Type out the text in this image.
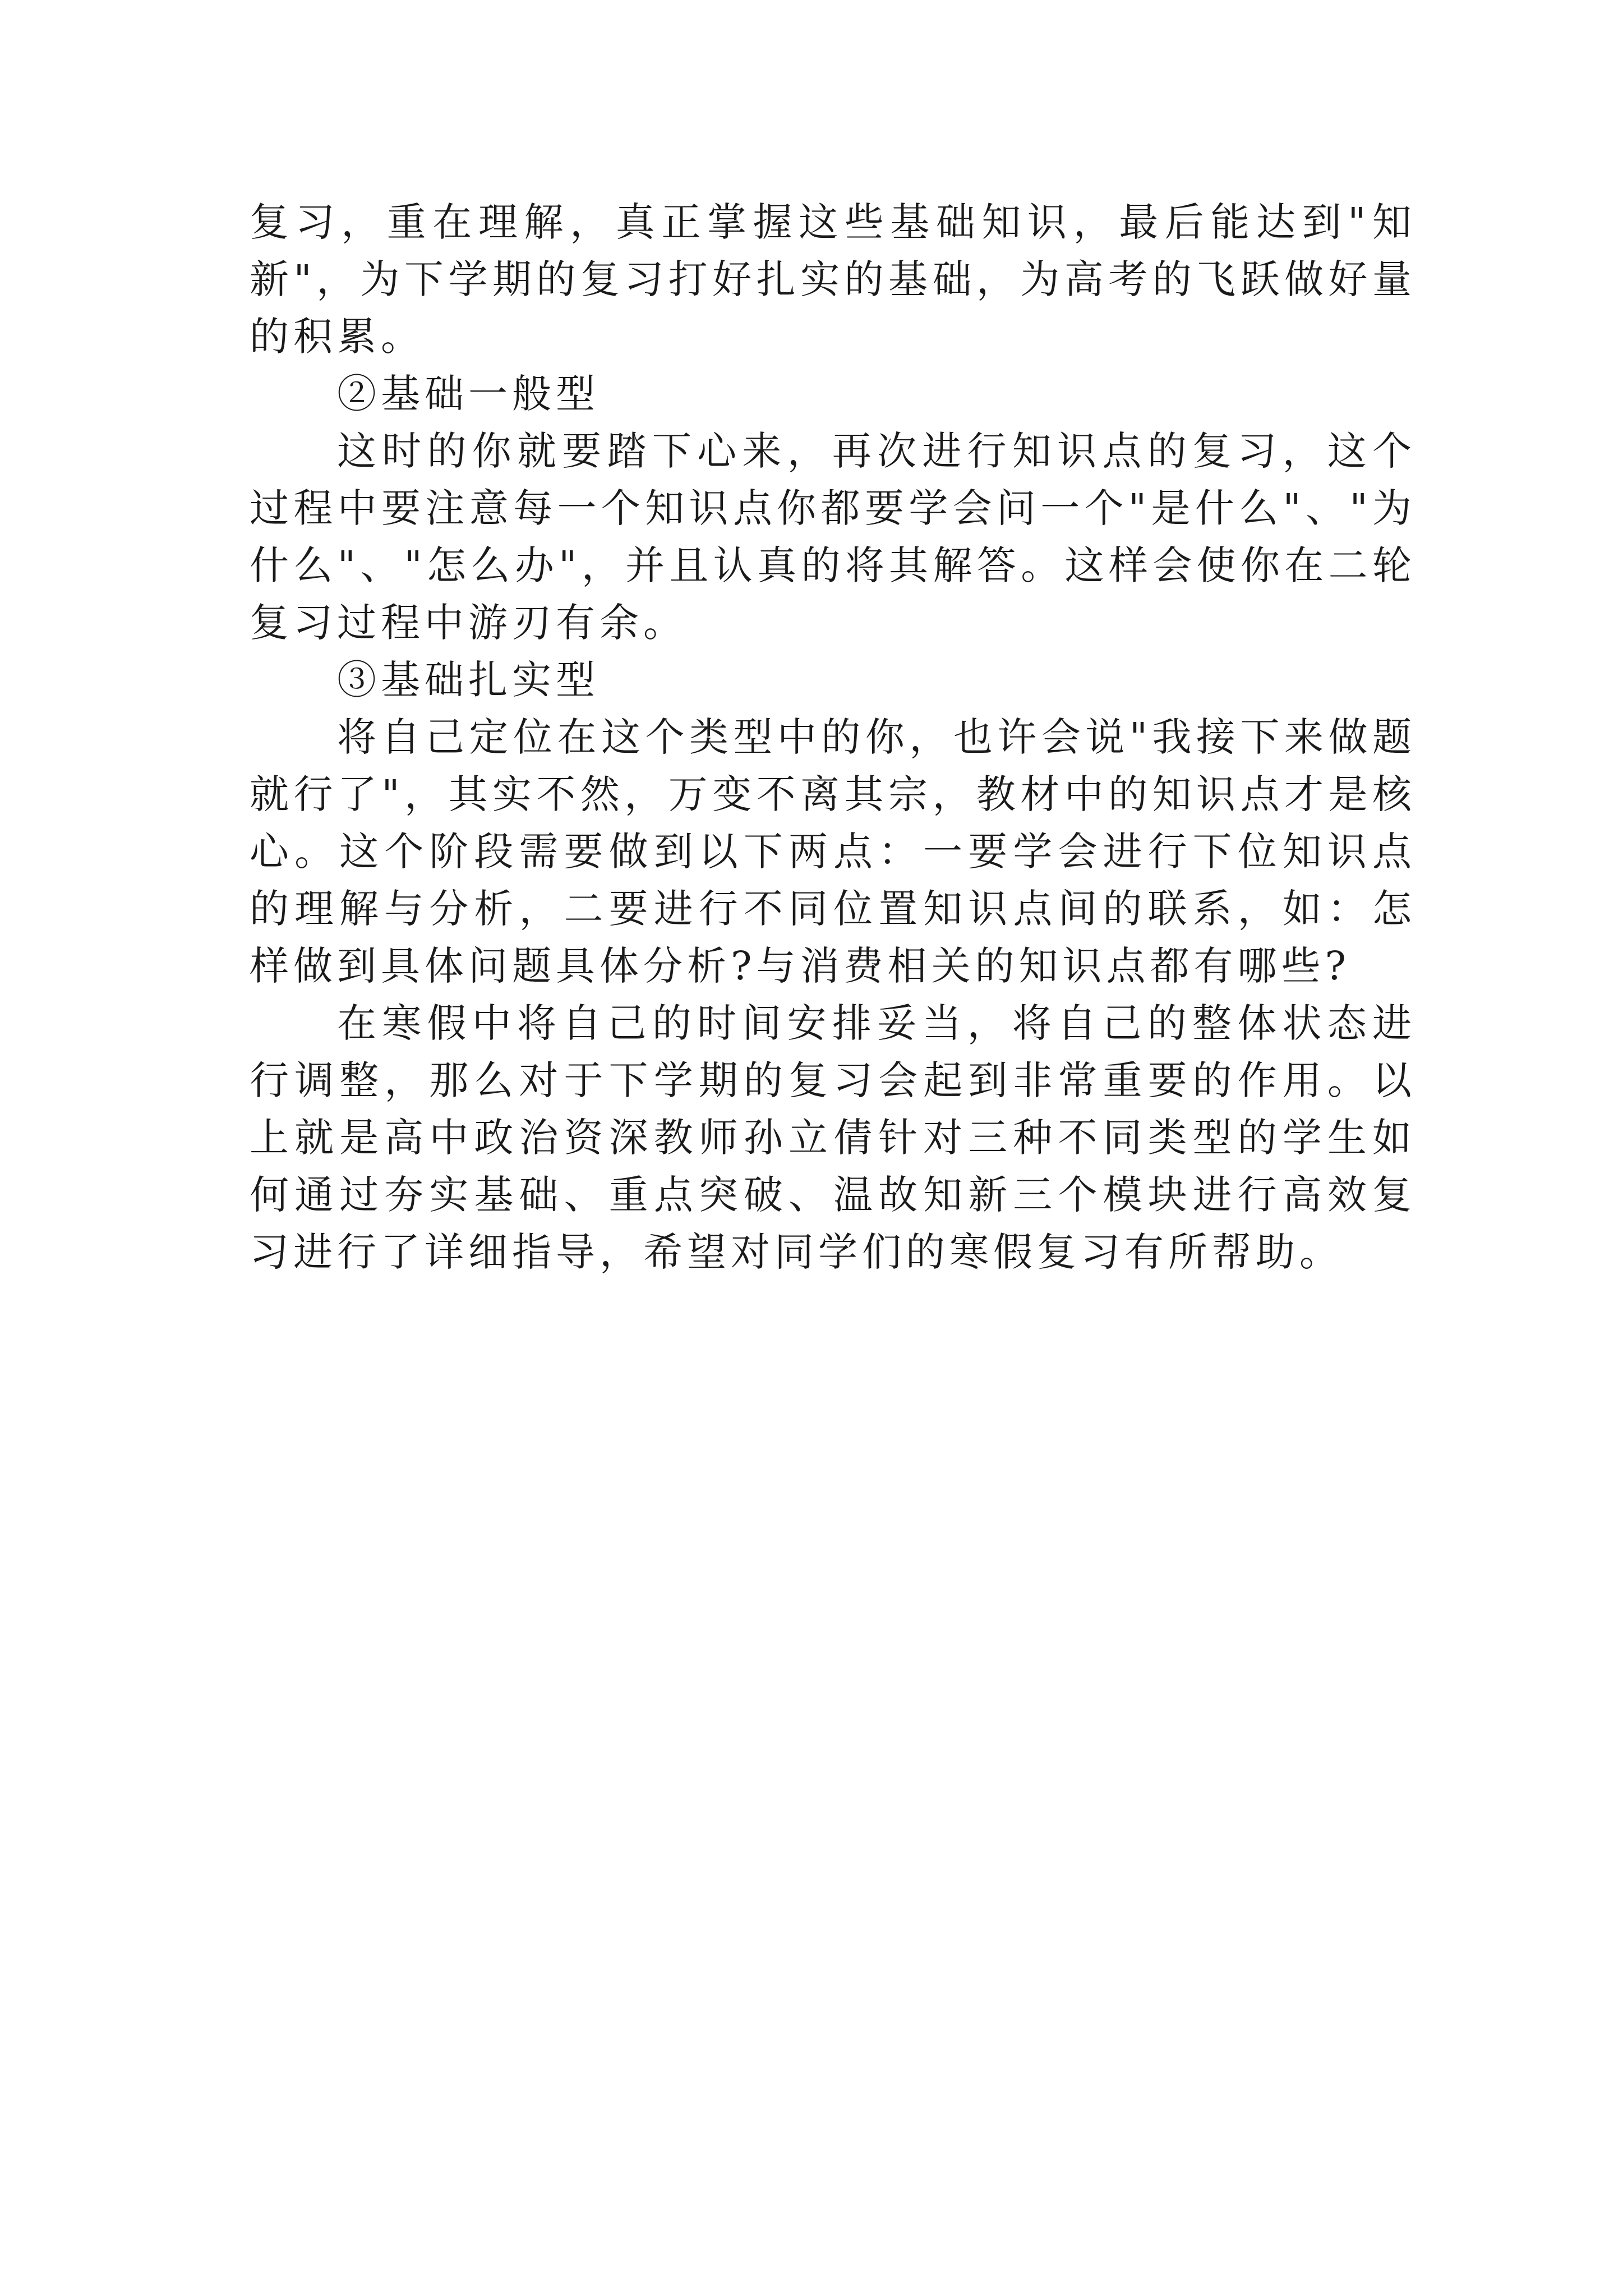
复习，重在理解，真正掌握这些基础知识，最后能达到"知新"，为下学期的复习打好扎实的基础，为高考的飞跃做好量的积累。

②基础一般型

这时的你就要踏下心来，再次进行知识点的复习，这个过程中要注意每一个知识点你都要学会问一个"是什么"、"为什么"、"怎么办"，并且认真的将其解答。这样会使你在二轮复习过程中游刃有余。

③基础扎实型

将自己定位在这个类型中的你，也许会说"我接下来做题就行了"，其实不然，万变不离其宗，教材中的知识点才是核心。这个阶段需要做到以下两点：一要学会进行下位知识点的理解与分析，二要进行不同位置知识点间的联系，如：怎样做到具体问题具体分析?与消费相关的知识点都有哪些?

在寒假中将自己的时间安排妥当，将自己的整体状态进行调整，那么对于下学期的复习会起到非常重要的作用。以上就是高中政治资深教师孙立倩针对三种不同类型的学生如何通过夯实基础、重点突破、温故知新三个模块进行高效复习进行了详细指导，希望对同学们的寒假复习有所帮助。
